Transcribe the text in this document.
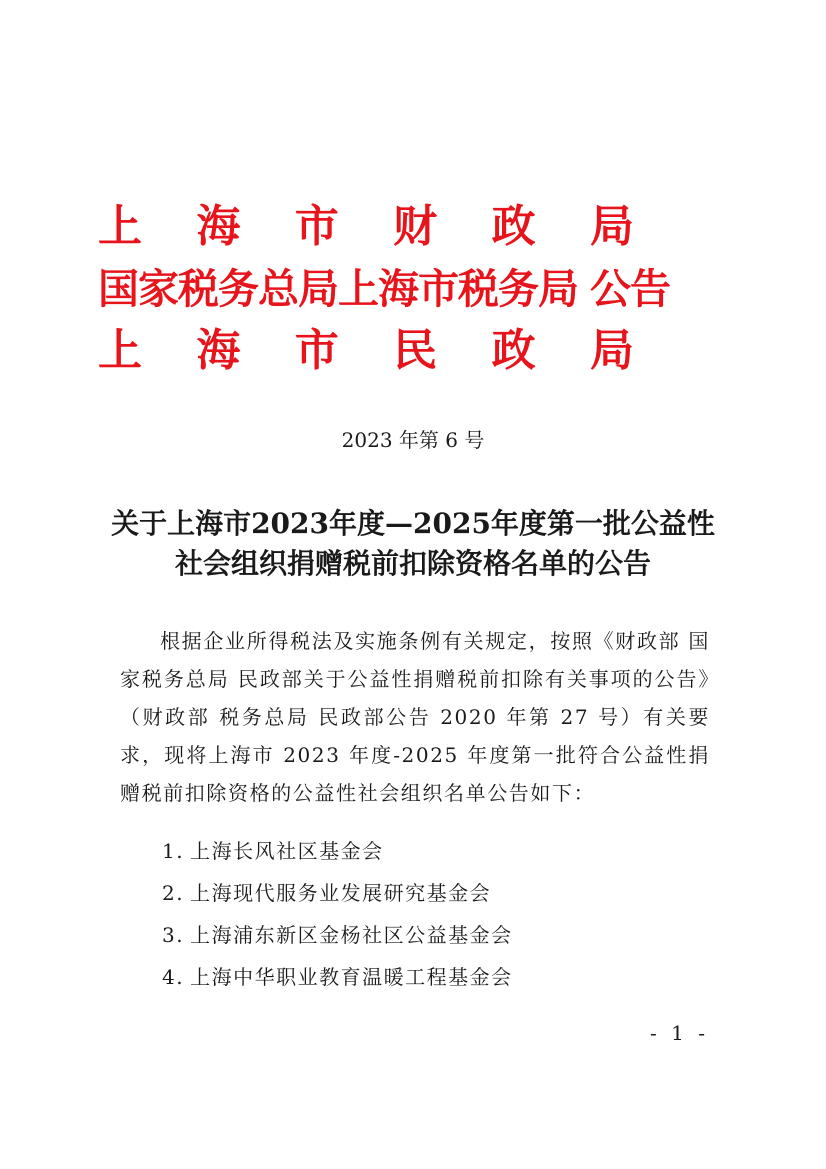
上 海 市 财 政 局
国家税务总局上海市税务局 公告
上 海 市 民 政 局
2023 年第 6 号
关于上海市2023年度—2025年度第一批公益性
社会组织捐赠税前扣除资格名单的公告

根据企业所得税法及实施条例有关规定，按照《财政部 国家税务总局 民政部关于公益性捐赠税前扣除有关事项的公告》（财政部 税务总局 民政部公告 2020 年第 27 号）有关要求，现将上海市 2023 年度-2025 年度第一批符合公益性捐赠税前扣除资格的公益性社会组织名单公告如下：

1. 上海长风社区基金会
2. 上海现代服务业发展研究基金会
3. 上海浦东新区金杨社区公益基金会
4. 上海中华职业教育温暖工程基金会
- 1 -
